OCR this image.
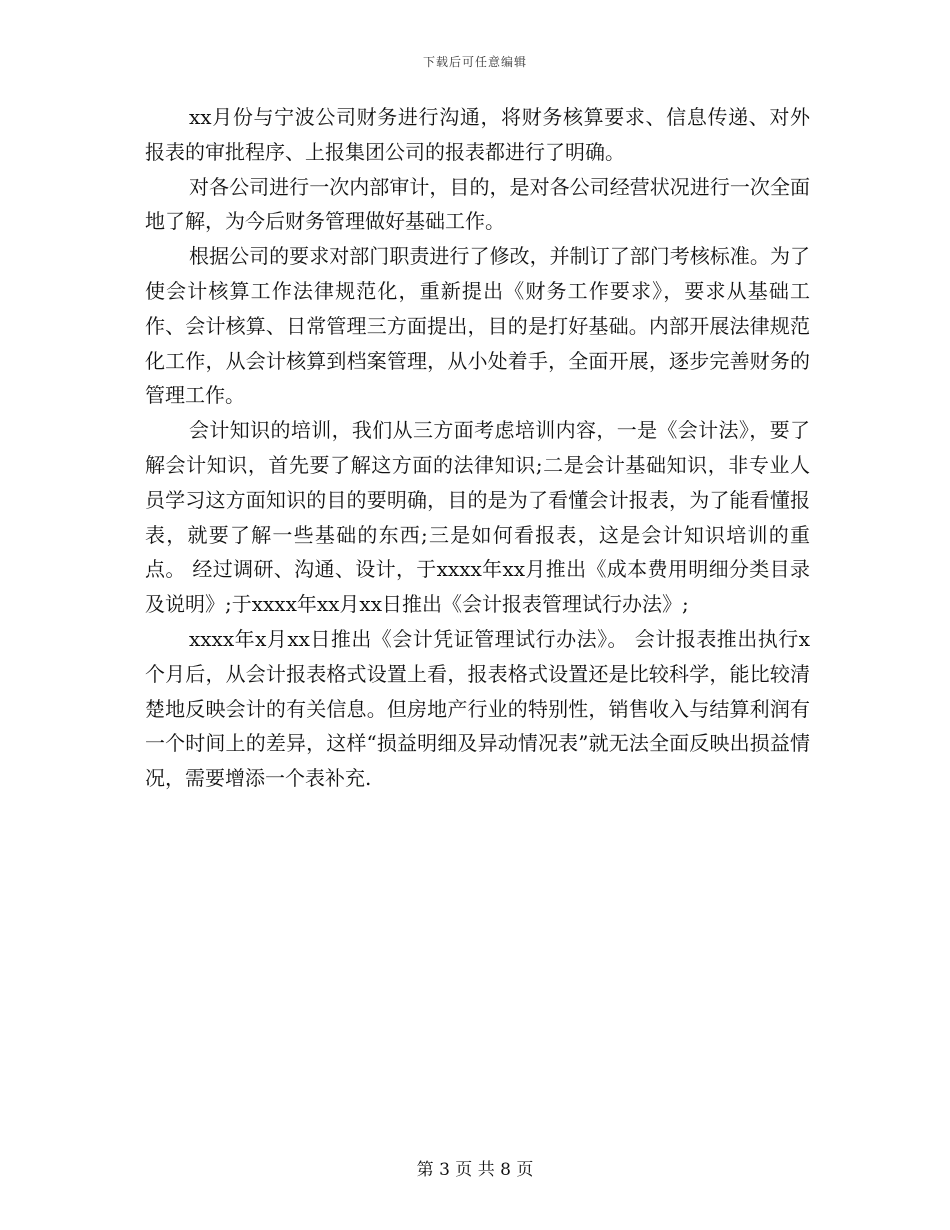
下载后可任意编辑

xx月份与宁波公司财务进行沟通，将财务核算要求、信息传递、对外报表的审批程序、上报集团公司的报表都进行了明确。

对各公司进行一次内部审计，目的，是对各公司经营状况进行一次全面地了解，为今后财务管理做好基础工作。

根据公司的要求对部门职责进行了修改，并制订了部门考核标准。为了使会计核算工作法律规范化，重新提出《财务工作要求》，要求从基础工作、会计核算、日常管理三方面提出，目的是打好基础。内部开展法律规范化工作，从会计核算到档案管理，从小处着手，全面开展，逐步完善财务的管理工作。

会计知识的培训，我们从三方面考虑培训内容，一是《会计法》，要了解会计知识，首先要了解这方面的法律知识;二是会计基础知识，非专业人员学习这方面知识的目的要明确，目的是为了看懂会计报表，为了能看懂报表，就要了解一些基础的东西;三是如何看报表，这是会计知识培训的重点。 经过调研、沟通、设计，于xxxx年xx月推出《成本费用明细分类目录及说明》;于xxxx年xx月xx日推出《会计报表管理试行办法》;

xxxx年x月xx日推出《会计凭证管理试行办法》。 会计报表推出执行x个月后，从会计报表格式设置上看，报表格式设置还是比较科学，能比较清楚地反映会计的有关信息。但房地产行业的特别性，销售收入与结算利润有一个时间上的差异，这样“损益明细及异动情况表”就无法全面反映出损益情况，需要增添一个表补充.

第 3 页 共 8 页
